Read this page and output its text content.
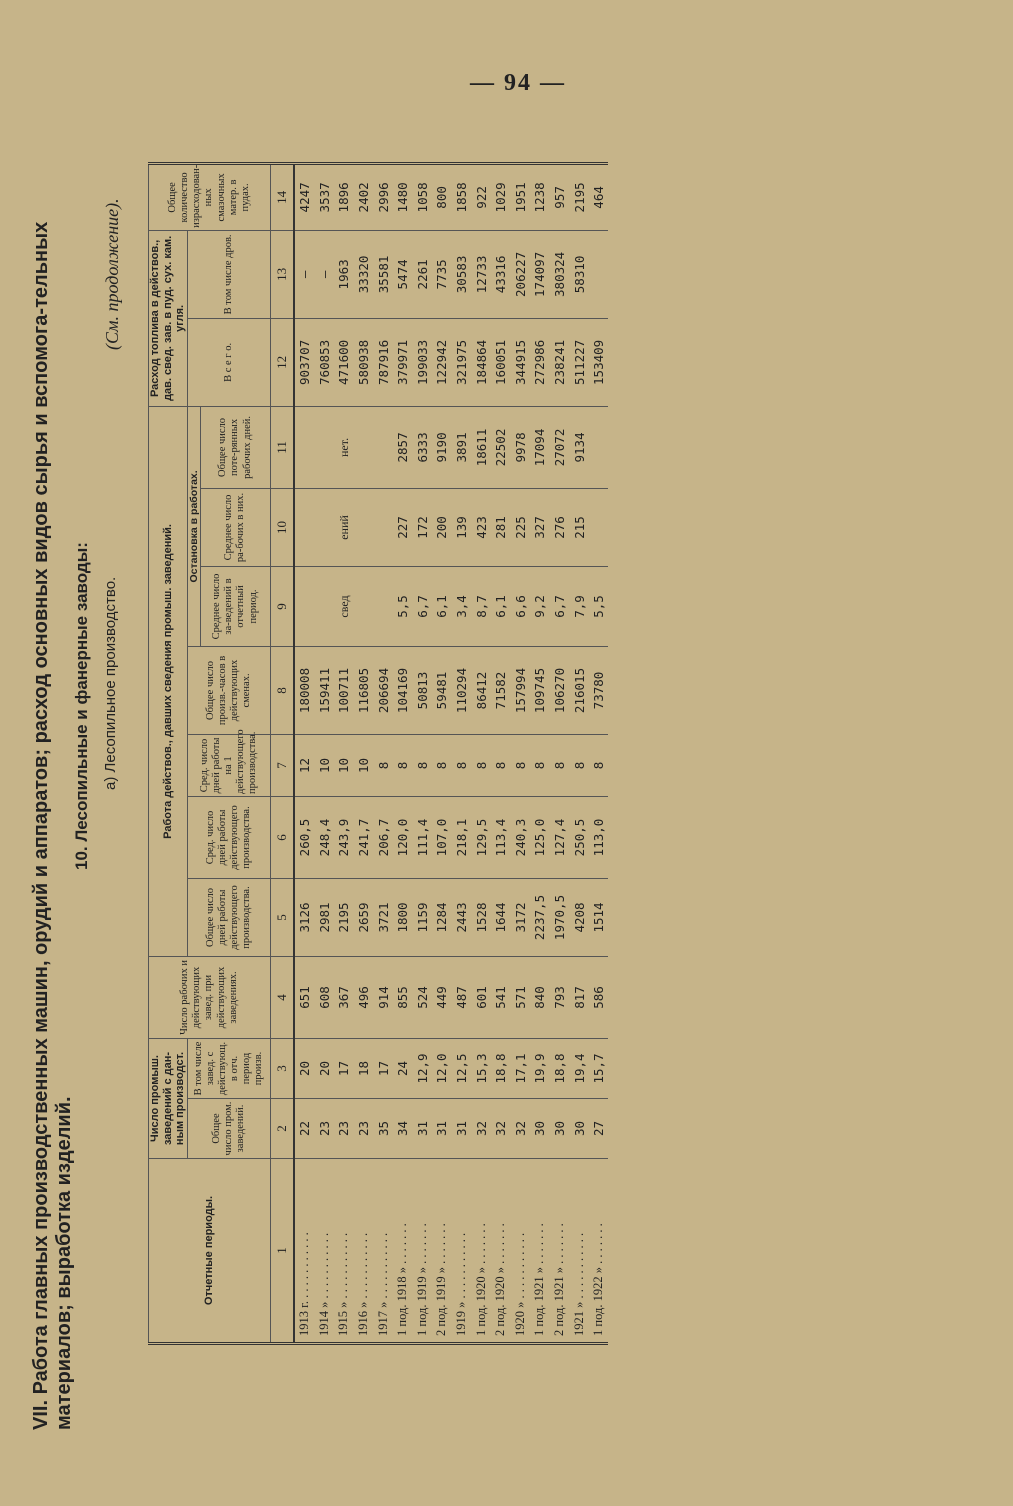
— 94 —
VII. Работа главных производственных машин, орудий и аппаратов; расход основных видов сырья и вспомога-тельных материалов; выработка изделий.
10. Лесопильные и фанерные заводы: а) Лесопильное производство.
(См. продолжение).
Отчетные периоды.	Число промыш. заведений с дан-ным производст.		Число рабочих и действующих завед. при действующих заведениях.	Работа действов., давших сведения промыш. заведений.							Расход топлива в действов., дав. свед. зав. в пуд. сух. кам. угля.		Общее количество израсходован-ных смазочных матер. в пудах.
	Общее число пром. заведений.	В том числе завед. с действующ. в отч. период произв.		Общее число дней работы действующего производства.	Сред. число дней работы действующего производства.	Сред. число дней работы на 1 действующего производства.	Общее число произв.-часов в действующих сменах.	Остановка в работах.			В с е г о.	В том числе дров.	
								Среднее число за-ведений в отчетный период.	Среднее число ра-бочих в них.	Общее число поте-рянных рабочих дней.			
1	2	3	4	5	6	7	8	9	10	11	12	13	14
1913 г. . . . . . . . . . . .	22	20	651	3126	260,5	12	180008				903707	—	4247
1914 » . . . . . . . . . . .	23	20	608	2981	248,4	10	159411				760853	—	3537
1915 » . . . . . . . . . . .	23	17	367	2195	243,9	10	100711	свед	ений	нет.	471600	1963	1896
1916 » . . . . . . . . . . .	23	18	496	2659	241,7	10	116805				580938	33320	2402
1917 » . . . . . . . . . . .	35	17	914	3721	206,7	8	206694				787916	35581	2996
1 под. 1918 » . . . . . . .	34	24	855	1800	120,0	8	104169	5,5	227	2857	379971	5474	1480
1 под. 1919 » . . . . . . .	31	12,9	524	1159	111,4	8	50813	6,7	172	6333	199033	2261	1058
2 под. 1919 » . . . . . . .	31	12,0	449	1284	107,0	8	59481	6,1	200	9190	122942	7735	800
1919 » . . . . . . . . . . .	31	12,5	487	2443	218,1	8	110294	3,4	139	3891	321975	30583	1858
1 под. 1920 » . . . . . . .	32	15,3	601	1528	129,5	8	86412	8,7	423	18611	184864	12733	922
2 под. 1920 » . . . . . . .	32	18,8	541	1644	113,4	8	71582	6,1	281	22502	160051	43316	1029
1920 » . . . . . . . . . . .	32	17,1	571	3172	240,3	8	157994	6,6	225	9978	344915	206227	1951
1 под. 1921 » . . . . . . .	30	19,9	840	2237,5	125,0	8	109745	9,2	327	17094	272986	174097	1238
2 под. 1921 » . . . . . . .	30	18,8	793	1970,5	127,4	8	106270	6,7	276	27072	238241	380324	957
1921 » . . . . . . . . . . .	30	19,4	817	4208	250,5	8	216015	7,9	215	9134	511227	58310	2195
1 под. 1922 » . . . . . . .	27	15,7	586	1514	113,0	8	73780	5,5			153409		464
